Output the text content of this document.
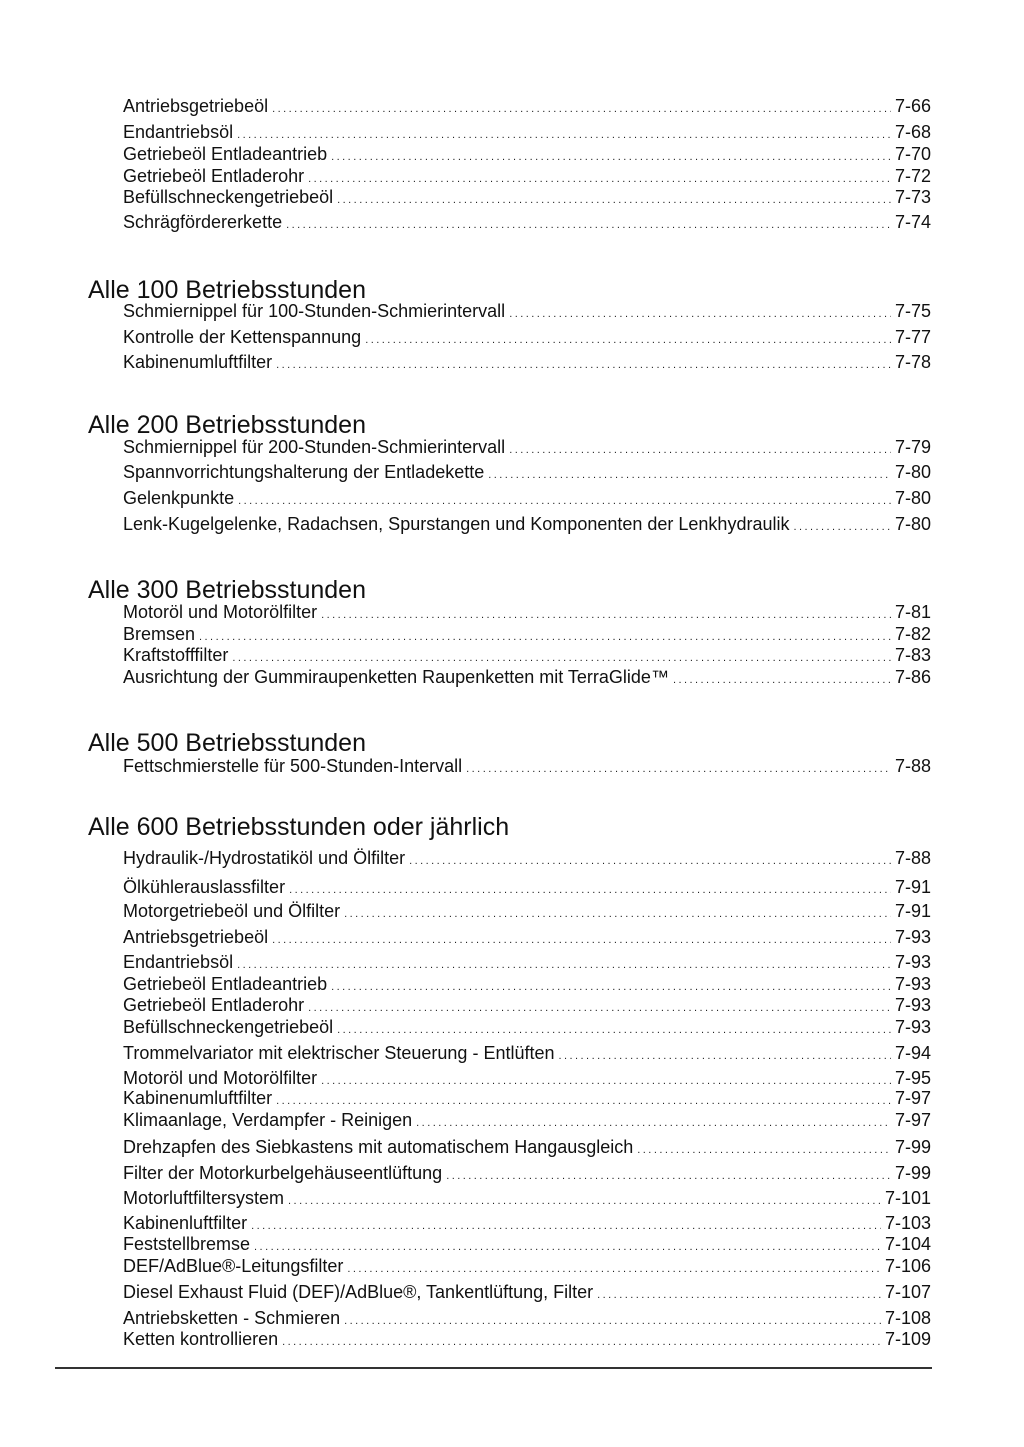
Antriebsgetriebeöl . . .	7-66
Endantriebsöl . . .	7-68
Getriebeöl Entladeantrieb . . .	7-70
Getriebeöl Entladerohr . . .	7-72
Befüllschneckengetriebeöl . . .	7-73
Schrägfördererkette . . .	7-74
Alle 100 Betriebsstunden
Schmiernippel für 100-Stunden-Schmierintervall . . .	7-75
Kontrolle der Kettenspannung . . .	7-77
Kabinenumluftfilter . . .	7-78
Alle 200 Betriebsstunden
Schmiernippel für 200-Stunden-Schmierintervall . . .	7-79
Spannvorrichtungshalterung der Entladekette . . .	7-80
Gelenkpunkte . . .	7-80
Lenk-Kugelgelenke, Radachsen, Spurstangen und Komponenten der Lenkhydraulik . . .	7-80
Alle 300 Betriebsstunden
Motoröl und Motorölfilter . . .	7-81
Bremsen . . .	7-82
Kraftstofffilter . . .	7-83
Ausrichtung der Gummiraupenketten Raupenketten mit TerraGlide™ . . .	7-86
Alle 500 Betriebsstunden
Fettschmierstelle für 500-Stunden-Intervall . . .	7-88
Alle 600 Betriebsstunden oder jährlich
Hydraulik-/Hydrostatiköl und Ölfilter . . .	7-88
Ölkühlerauslassfilter . . .	7-91
Motorgetriebeöl und Ölfilter . . .	7-91
Antriebsgetriebeöl . . .	7-93
Endantriebsöl . . .	7-93
Getriebeöl Entladeantrieb . . .	7-93
Getriebeöl Entladerohr . . .	7-93
Befüllschneckengetriebeöl . . .	7-93
Trommelvariator mit elektrischer Steuerung - Entlüften . . .	7-94
Motoröl und Motorölfilter . . .	7-95
Kabinenumluftfilter . . .	7-97
Klimaanlage, Verdampfer - Reinigen . . .	7-97
Drehzapfen des Siebkastens mit automatischem Hangausgleich . . .	7-99
Filter der Motorkurbelgehäuseentlüftung . . .	7-99
Motorluftfiltersystem . . .	7-101
Kabinenluftfilter . . .	7-103
Feststellbremse . . .	7-104
DEF/AdBlue®-Leitungsfilter . . .	7-106
Diesel Exhaust Fluid (DEF)/AdBlue®, Tankentlüftung, Filter . . .	7-107
Antriebsketten - Schmieren . . .	7-108
Ketten kontrollieren . . .	7-109
